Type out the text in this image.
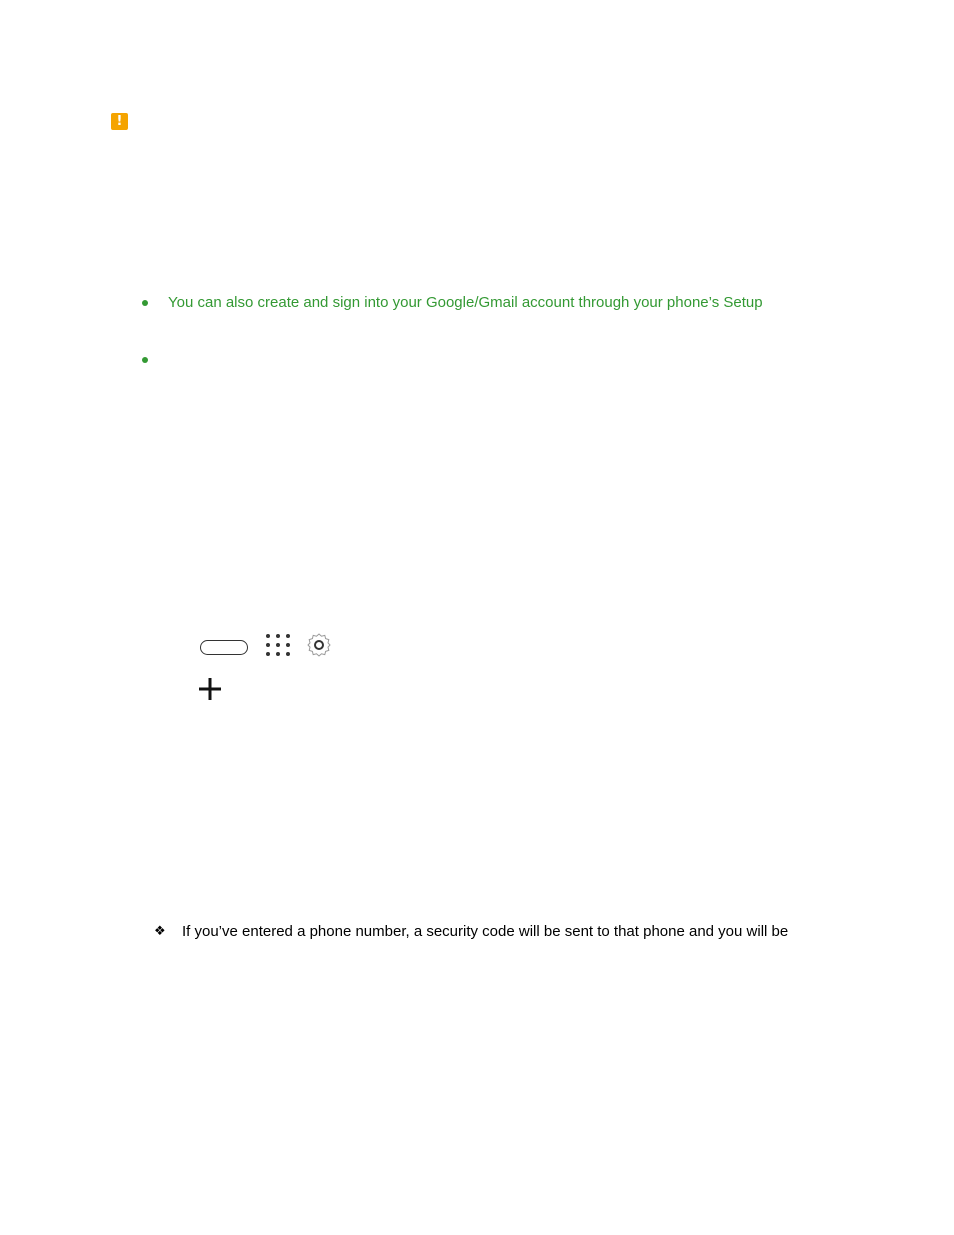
!
You can also create and sign into your Google/Gmail account through your phone’s Setup
❖ If you’ve entered a phone number, a security code will be sent to that phone and you will be
